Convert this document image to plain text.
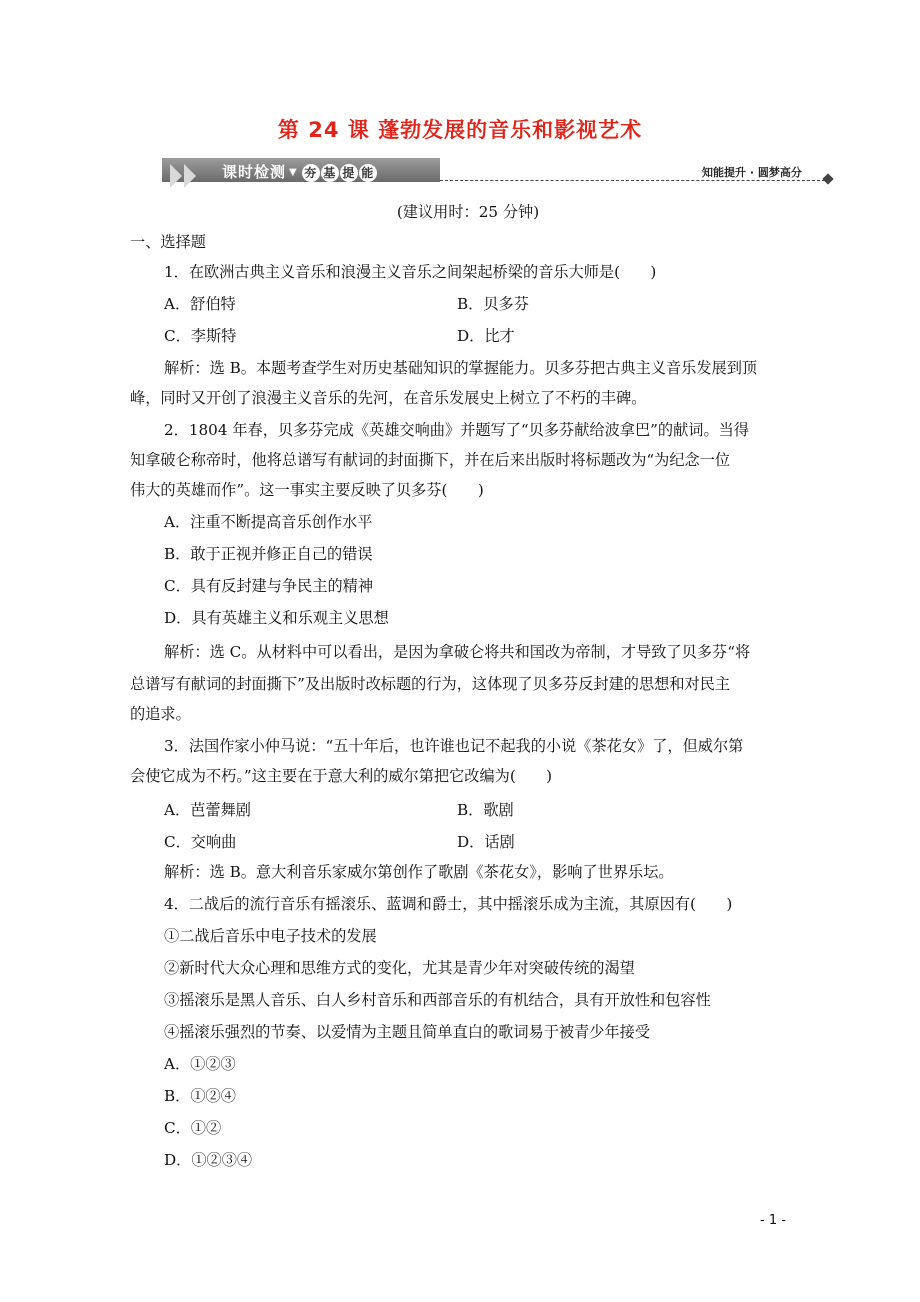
第 24 课 蓬勃发展的音乐和影视艺术
课时检测 ▼ 夯 基 提 能	知能提升 · 圆梦高分
(建议用时：25 分钟)
一、选择题
1．在欧洲古典主义音乐和浪漫主义音乐之间架起桥梁的音乐大师是(　　)
A．舒伯特	B．贝多芬
C．李斯特	D．比才
解析：选 B。本题考查学生对历史基础知识的掌握能力。贝多芬把古典主义音乐发展到顶
峰，同时又开创了浪漫主义音乐的先河，在音乐发展史上树立了不朽的丰碑。
2．1804 年春，贝多芬完成《英雄交响曲》并题写了“贝多芬献给波拿巴”的献词。当得
知拿破仑称帝时，他将总谱写有献词的封面撕下，并在后来出版时将标题改为“为纪念一位
伟大的英雄而作”。这一事实主要反映了贝多芬(　　)
A．注重不断提高音乐创作水平
B．敢于正视并修正自己的错误
C．具有反封建与争民主的精神
D．具有英雄主义和乐观主义思想
解析：选 C。从材料中可以看出，是因为拿破仑将共和国改为帝制，才导致了贝多芬“将
总谱写有献词的封面撕下”及出版时改标题的行为，这体现了贝多芬反封建的思想和对民主
的追求。
3．法国作家小仲马说：“五十年后，也许谁也记不起我的小说《茶花女》了，但威尔第
会使它成为不朽。”这主要在于意大利的威尔第把它改编为(　　)
A．芭蕾舞剧	B．歌剧
C．交响曲	D．话剧
解析：选 B。意大利音乐家威尔第创作了歌剧《茶花女》，影响了世界乐坛。
4．二战后的流行音乐有摇滚乐、蓝调和爵士，其中摇滚乐成为主流，其原因有(　　)
①二战后音乐中电子技术的发展
②新时代大众心理和思维方式的变化，尤其是青少年对突破传统的渴望
③摇滚乐是黑人音乐、白人乡村音乐和西部音乐的有机结合，具有开放性和包容性
④摇滚乐强烈的节奏、以爱情为主题且简单直白的歌词易于被青少年接受
A．①②③
B．①②④
C．①②
D．①②③④
- 1 -
